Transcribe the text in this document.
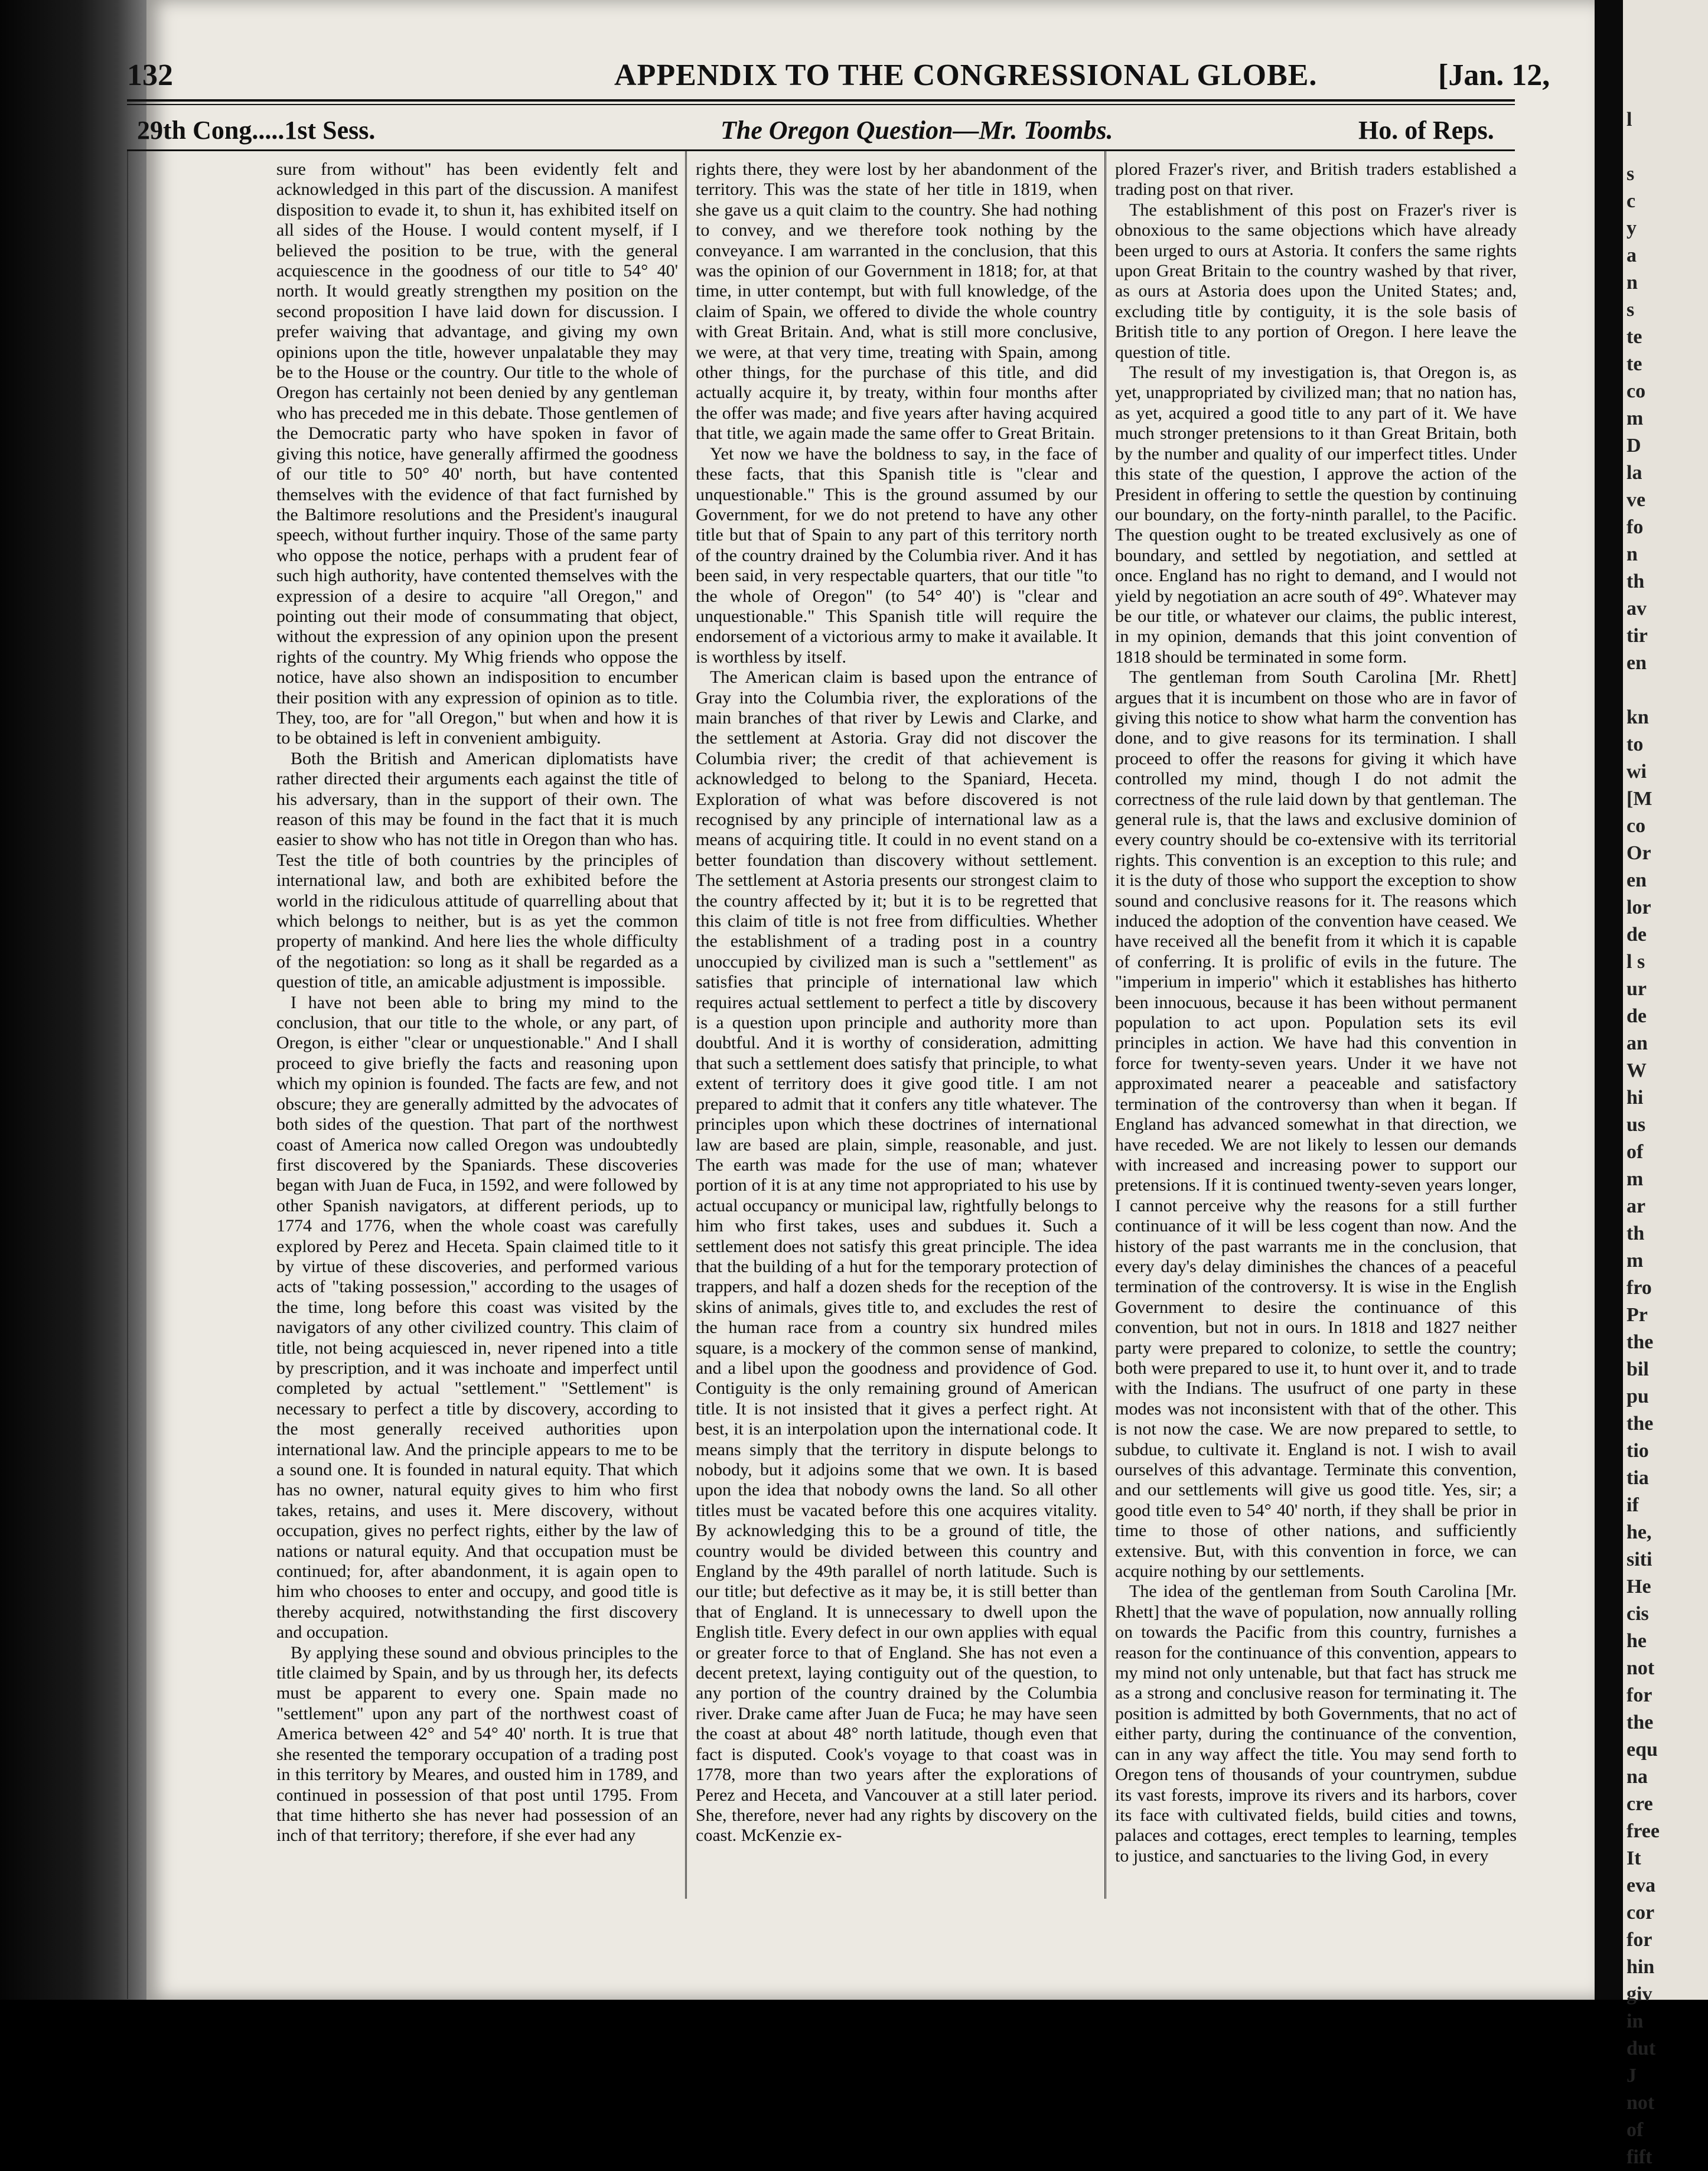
l
s
c
y
a
n
s
te
te
co
m
D
la
ve
fo
n
th
av
tir
en
kn
to
wi
[M
co
Or
en
lor
de
l s
ur
de
an
W
hi
us
of
m
ar
th
m
fro
Pr
the
bil
pu
the
tio
tia
if
he,
siti
He
cis
he
not
for
the
equ
na
cre
free
It
eva
cor
for
hin
giv
in
dut
J
not
of
fift
132	APPENDIX TO THE CONGRESSIONAL GLOBE.	[Jan. 12,
29th Cong.....1st Sess.	The Oregon Question—Mr. Toombs.	Ho. of Reps.

sure from without" has been evidently felt and acknowledged in this part of the discussion. A manifest disposition to evade it, to shun it, has exhibited itself on all sides of the House. I would content myself, if I believed the position to be true, with the general acquiescence in the goodness of our title to 54° 40' north. It would greatly strengthen my position on the second proposition I have laid down for discussion. I prefer waiving that advantage, and giving my own opinions upon the title, however unpalatable they may be to the House or the country. Our title to the whole of Oregon has certainly not been denied by any gentleman who has preceded me in this debate. Those gentlemen of the Democratic party who have spoken in favor of giving this notice, have generally affirmed the goodness of our title to 50° 40' north, but have contented themselves with the evidence of that fact furnished by the Baltimore resolutions and the President's inaugural speech, without further inquiry. Those of the same party who oppose the notice, perhaps with a prudent fear of such high authority, have contented themselves with the expression of a desire to acquire "all Oregon," and pointing out their mode of consummating that object, without the expression of any opinion upon the present rights of the country. My Whig friends who oppose the notice, have also shown an indisposition to encumber their position with any expression of opinion as to title. They, too, are for "all Oregon," but when and how it is to be obtained is left in convenient ambiguity.

Both the British and American diplomatists have rather directed their arguments each against the title of his adversary, than in the support of their own. The reason of this may be found in the fact that it is much easier to show who has not title in Oregon than who has. Test the title of both countries by the principles of international law, and both are exhibited before the world in the ridiculous attitude of quarrelling about that which belongs to neither, but is as yet the common property of mankind. And here lies the whole difficulty of the negotiation: so long as it shall be regarded as a question of title, an amicable adjustment is impossible.

I have not been able to bring my mind to the conclusion, that our title to the whole, or any part, of Oregon, is either "clear or unquestionable." And I shall proceed to give briefly the facts and reasoning upon which my opinion is founded. The facts are few, and not obscure; they are generally admitted by the advocates of both sides of the question. That part of the northwest coast of America now called Oregon was undoubtedly first discovered by the Spaniards. These discoveries began with Juan de Fuca, in 1592, and were followed by other Spanish navigators, at different periods, up to 1774 and 1776, when the whole coast was carefully explored by Perez and Heceta. Spain claimed title to it by virtue of these discoveries, and performed various acts of "taking possession," according to the usages of the time, long before this coast was visited by the navigators of any other civilized country. This claim of title, not being acquiesced in, never ripened into a title by prescription, and it was inchoate and imperfect until completed by actual "settlement." "Settlement" is necessary to perfect a title by discovery, according to the most generally received authorities upon international law. And the principle appears to me to be a sound one. It is founded in natural equity. That which has no owner, natural equity gives to him who first takes, retains, and uses it. Mere discovery, without occupation, gives no perfect rights, either by the law of nations or natural equity. And that occupation must be continued; for, after abandonment, it is again open to him who chooses to enter and occupy, and good title is thereby acquired, notwithstanding the first discovery and occupation.

By applying these sound and obvious principles to the title claimed by Spain, and by us through her, its defects must be apparent to every one. Spain made no "settlement" upon any part of the northwest coast of America between 42° and 54° 40' north. It is true that she resented the temporary occupation of a trading post in this territory by Meares, and ousted him in 1789, and continued in possession of that post until 1795. From that time hitherto she has never had possession of an inch of that territory; therefore, if she ever had any

rights there, they were lost by her abandonment of the territory. This was the state of her title in 1819, when she gave us a quit claim to the country. She had nothing to convey, and we therefore took nothing by the conveyance. I am warranted in the conclusion, that this was the opinion of our Government in 1818; for, at that time, in utter contempt, but with full knowledge, of the claim of Spain, we offered to divide the whole country with Great Britain. And, what is still more conclusive, we were, at that very time, treating with Spain, among other things, for the purchase of this title, and did actually acquire it, by treaty, within four months after the offer was made; and five years after having acquired that title, we again made the same offer to Great Britain.

Yet now we have the boldness to say, in the face of these facts, that this Spanish title is "clear and unquestionable." This is the ground assumed by our Government, for we do not pretend to have any other title but that of Spain to any part of this territory north of the country drained by the Columbia river. And it has been said, in very respectable quarters, that our title "to the whole of Oregon" (to 54° 40') is "clear and unquestionable." This Spanish title will require the endorsement of a victorious army to make it available. It is worthless by itself.

The American claim is based upon the entrance of Gray into the Columbia river, the explorations of the main branches of that river by Lewis and Clarke, and the settlement at Astoria. Gray did not discover the Columbia river; the credit of that achievement is acknowledged to belong to the Spaniard, Heceta. Exploration of what was before discovered is not recognised by any principle of international law as a means of acquiring title. It could in no event stand on a better foundation than discovery without settlement. The settlement at Astoria presents our strongest claim to the country affected by it; but it is to be regretted that this claim of title is not free from difficulties. Whether the establishment of a trading post in a country unoccupied by civilized man is such a "settlement" as satisfies that principle of international law which requires actual settlement to perfect a title by discovery is a question upon principle and authority more than doubtful. And it is worthy of consideration, admitting that such a settlement does satisfy that principle, to what extent of territory does it give good title. I am not prepared to admit that it confers any title whatever. The principles upon which these doctrines of international law are based are plain, simple, reasonable, and just. The earth was made for the use of man; whatever portion of it is at any time not appropriated to his use by actual occupancy or municipal law, rightfully belongs to him who first takes, uses and subdues it. Such a settlement does not satisfy this great principle. The idea that the building of a hut for the temporary protection of trappers, and half a dozen sheds for the reception of the skins of animals, gives title to, and excludes the rest of the human race from a country six hundred miles square, is a mockery of the common sense of mankind, and a libel upon the goodness and providence of God. Contiguity is the only remaining ground of American title. It is not insisted that it gives a perfect right. At best, it is an interpolation upon the international code. It means simply that the territory in dispute belongs to nobody, but it adjoins some that we own. It is based upon the idea that nobody owns the land. So all other titles must be vacated before this one acquires vitality. By acknowledging this to be a ground of title, the country would be divided between this country and England by the 49th parallel of north latitude. Such is our title; but defective as it may be, it is still better than that of England. It is unnecessary to dwell upon the English title. Every defect in our own applies with equal or greater force to that of England. She has not even a decent pretext, laying contiguity out of the question, to any portion of the country drained by the Columbia river. Drake came after Juan de Fuca; he may have seen the coast at about 48° north latitude, though even that fact is disputed. Cook's voyage to that coast was in 1778, more than two years after the explorations of Perez and Heceta, and Vancouver at a still later period. She, therefore, never had any rights by discovery on the coast. McKenzie ex-

plored Frazer's river, and British traders established a trading post on that river.

The establishment of this post on Frazer's river is obnoxious to the same objections which have already been urged to ours at Astoria. It confers the same rights upon Great Britain to the country washed by that river, as ours at Astoria does upon the United States; and, excluding title by contiguity, it is the sole basis of British title to any portion of Oregon. I here leave the question of title.

The result of my investigation is, that Oregon is, as yet, unappropriated by civilized man; that no nation has, as yet, acquired a good title to any part of it. We have much stronger pretensions to it than Great Britain, both by the number and quality of our imperfect titles. Under this state of the question, I approve the action of the President in offering to settle the question by continuing our boundary, on the forty-ninth parallel, to the Pacific. The question ought to be treated exclusively as one of boundary, and settled by negotiation, and settled at once. England has no right to demand, and I would not yield by negotiation an acre south of 49°. Whatever may be our title, or whatever our claims, the public interest, in my opinion, demands that this joint convention of 1818 should be terminated in some form.

The gentleman from South Carolina [Mr. Rhett] argues that it is incumbent on those who are in favor of giving this notice to show what harm the convention has done, and to give reasons for its termination. I shall proceed to offer the reasons for giving it which have controlled my mind, though I do not admit the correctness of the rule laid down by that gentleman. The general rule is, that the laws and exclusive dominion of every country should be co-extensive with its territorial rights. This convention is an exception to this rule; and it is the duty of those who support the exception to show sound and conclusive reasons for it. The reasons which induced the adoption of the convention have ceased. We have received all the benefit from it which it is capable of conferring. It is prolific of evils in the future. The "imperium in imperio" which it establishes has hitherto been innocuous, because it has been without permanent population to act upon. Population sets its evil principles in action. We have had this convention in force for twenty-seven years. Under it we have not approximated nearer a peaceable and satisfactory termination of the controversy than when it began. If England has advanced somewhat in that direction, we have receded. We are not likely to lessen our demands with increased and increasing power to support our pretensions. If it is continued twenty-seven years longer, I cannot perceive why the reasons for a still further continuance of it will be less cogent than now. And the history of the past warrants me in the conclusion, that every day's delay diminishes the chances of a peaceful termination of the controversy. It is wise in the English Government to desire the continuance of this convention, but not in ours. In 1818 and 1827 neither party were prepared to colonize, to settle the country; both were prepared to use it, to hunt over it, and to trade with the Indians. The usufruct of one party in these modes was not inconsistent with that of the other. This is not now the case. We are now prepared to settle, to subdue, to cultivate it. England is not. I wish to avail ourselves of this advantage. Terminate this convention, and our settlements will give us good title. Yes, sir; a good title even to 54° 40' north, if they shall be prior in time to those of other nations, and sufficiently extensive. But, with this convention in force, we can acquire nothing by our settlements.

The idea of the gentleman from South Carolina [Mr. Rhett] that the wave of population, now annually rolling on towards the Pacific from this country, furnishes a reason for the continuance of this convention, appears to my mind not only untenable, but that fact has struck me as a strong and conclusive reason for terminating it. The position is admitted by both Governments, that no act of either party, during the continuance of the convention, can in any way affect the title. You may send forth to Oregon tens of thousands of your countrymen, subdue its vast forests, improve its rivers and its harbors, cover its face with cultivated fields, build cities and towns, palaces and cottages, erect temples to learning, temples to justice, and sanctuaries to the living God, in every
